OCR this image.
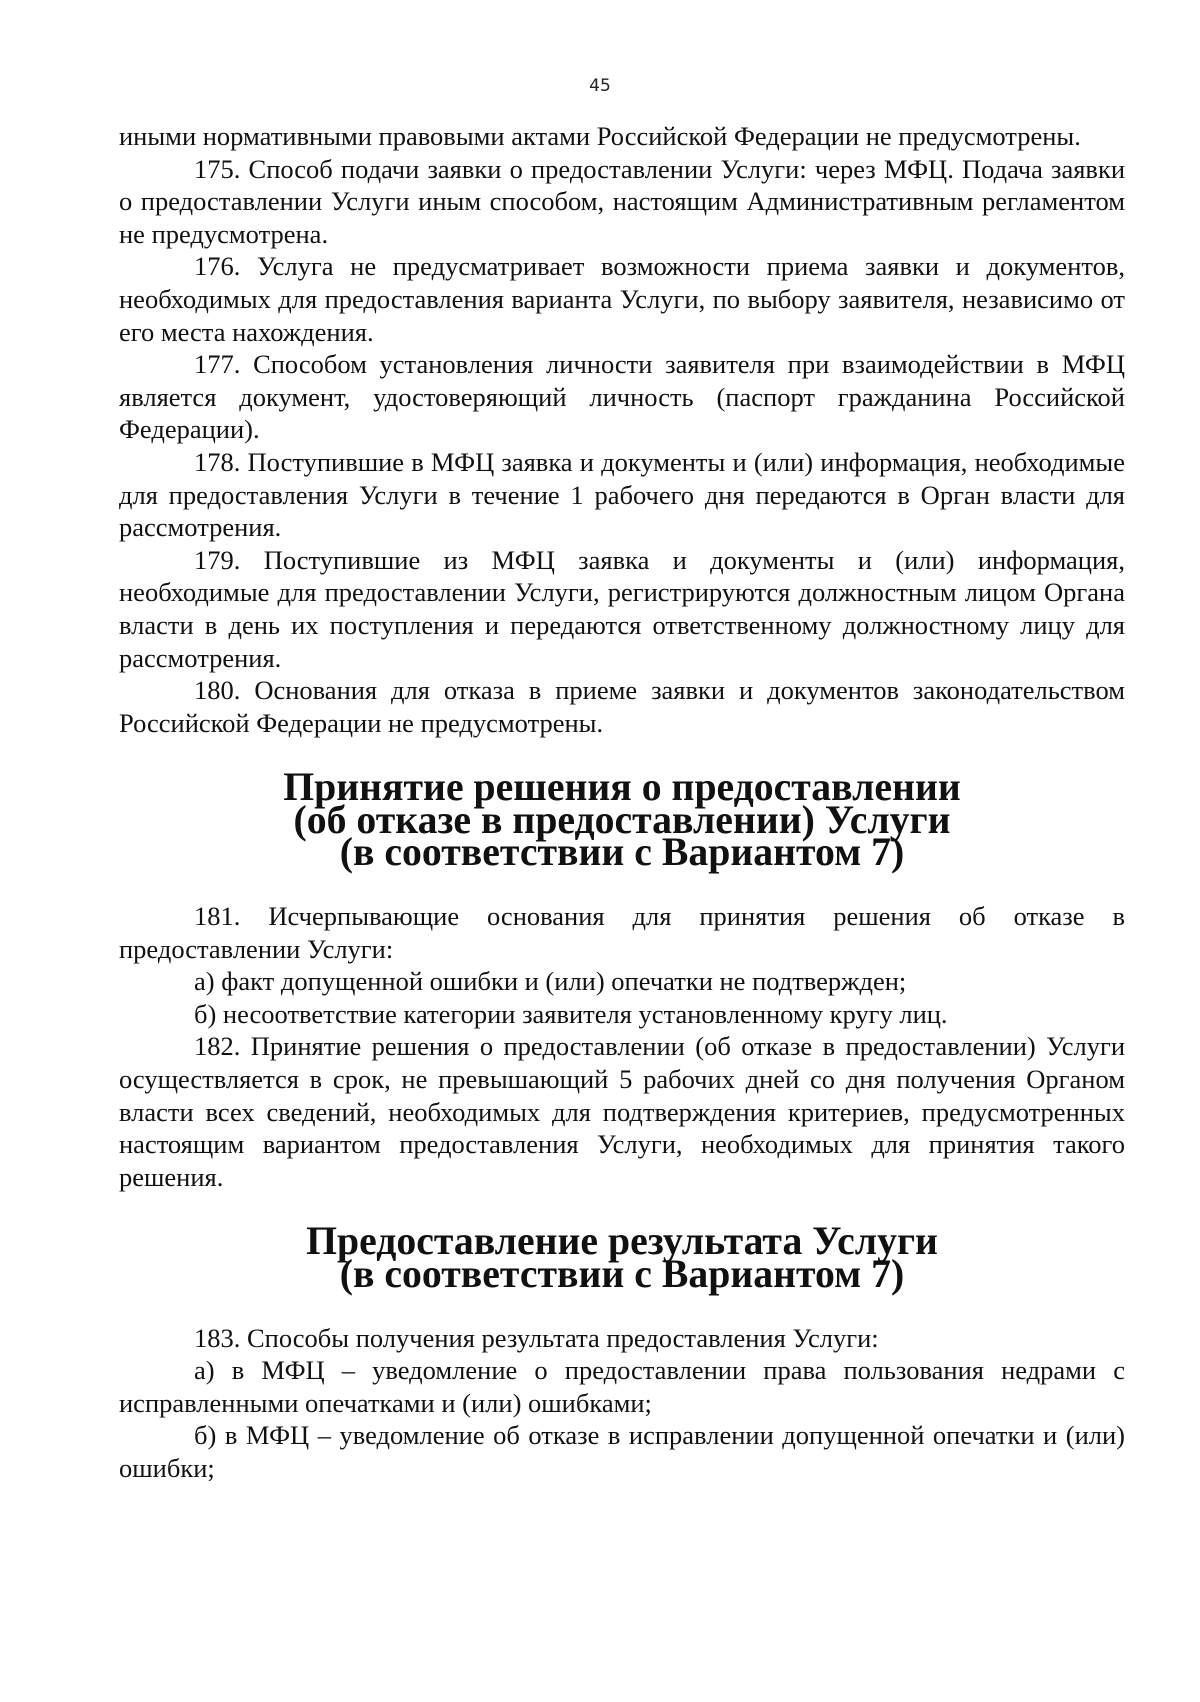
45

иными нормативными правовыми актами Российской Федерации не предусмотрены.

175. Способ подачи заявки о предоставлении Услуги: через МФЦ. Подача заявки о предоставлении Услуги иным способом, настоящим Административным регламентом не предусмотрена.

176. Услуга не предусматривает возможности приема заявки и документов, необходимых для предоставления варианта Услуги, по выбору заявителя, независимо от его места нахождения.

177. Способом установления личности заявителя при взаимодействии в МФЦ является документ, удостоверяющий личность (паспорт гражданина Российской Федерации).

178. Поступившие в МФЦ заявка и документы и (или) информация, необходимые для предоставления Услуги в течение 1 рабочего дня передаются в Орган власти для рассмотрения.

179. Поступившие из МФЦ заявка и документы и (или) информация, необходимые для предоставлении Услуги, регистрируются должностным лицом Органа власти в день их поступления и передаются ответственному должностному лицу для рассмотрения.

180. Основания для отказа в приеме заявки и документов законодательством Российской Федерации не предусмотрены.

Принятие решения о предоставлении
(об отказе в предоставлении) Услуги
(в соответствии с Вариантом 7)

181. Исчерпывающие основания для принятия решения об отказе в предоставлении Услуги:

а) факт допущенной ошибки и (или) опечатки не подтвержден;

б) несоответствие категории заявителя установленному кругу лиц.

182. Принятие решения о предоставлении (об отказе в предоставлении) Услуги осуществляется в срок, не превышающий 5 рабочих дней со дня получения Органом власти всех сведений, необходимых для подтверждения критериев, предусмотренных настоящим вариантом предоставления Услуги, необходимых для принятия такого решения.

Предоставление результата Услуги
(в соответствии с Вариантом 7)

183. Способы получения результата предоставления Услуги:

а) в МФЦ – уведомление о предоставлении права пользования недрами с исправленными опечатками и (или) ошибками;

б) в МФЦ – уведомление об отказе в исправлении допущенной опечатки и (или) ошибки;
